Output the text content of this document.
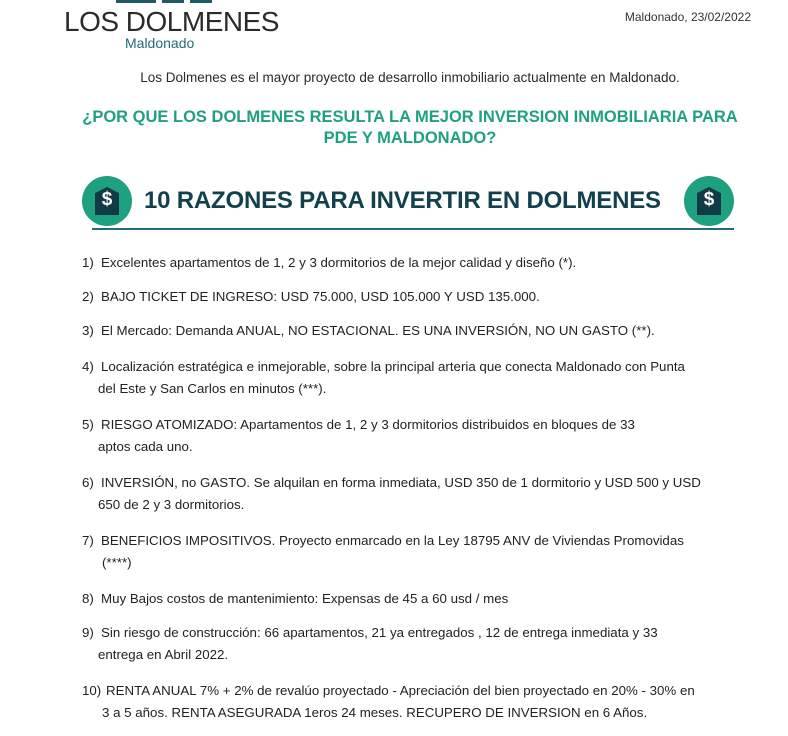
LOS DOLMENES
Maldonado
Maldonado, 23/02/2022
Los Dolmenes es el mayor proyecto de desarrollo inmobiliario actualmente en Maldonado.
¿POR QUE LOS DOLMENES RESULTA LA MEJOR INVERSION INMOBILIARIA PARA PDE Y MALDONADO?
$	10 RAZONES PARA INVERTIR EN DOLMENES	$
1) Excelentes apartamentos de 1, 2 y 3 dormitorios de la mejor calidad y diseño (*).
2) BAJO TICKET DE INGRESO: USD 75.000, USD 105.000 Y USD 135.000.
3) El Mercado: Demanda ANUAL, NO ESTACIONAL. ES UNA INVERSIÓN, NO UN GASTO (**).
4) Localización estratégica e inmejorable, sobre la principal arteria que conecta Maldonado con Punta
del Este y San Carlos en minutos (***).
5) RIESGO ATOMIZADO: Apartamentos de 1, 2 y 3 dormitorios distribuidos en bloques de 33
aptos cada uno.
6) INVERSIÓN, no GASTO. Se alquilan en forma inmediata, USD 350 de 1 dormitorio y USD 500 y USD
650 de 2 y 3 dormitorios.
7) BENEFICIOS IMPOSITIVOS. Proyecto enmarcado en la Ley 18795 ANV de Viviendas Promovidas
(****)
8) Muy Bajos costos de mantenimiento: Expensas de 45 a 60 usd / mes
9) Sin riesgo de construcción: 66 apartamentos, 21 ya entregados , 12 de entrega inmediata y 33
entrega en Abril 2022.
10) RENTA ANUAL 7% + 2% de revalúo proyectado - Apreciación del bien proyectado en 20% - 30% en
3 a 5 años. RENTA ASEGURADA 1eros 24 meses. RECUPERO DE INVERSION en 6 Años.
